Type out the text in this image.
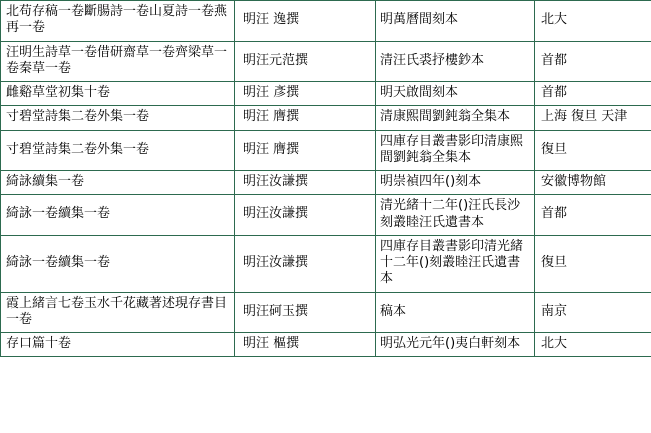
北苟存稿一卷斷腸詩一卷山夏詩一卷燕再一卷	明汪 逸撰	明萬曆間刻本	北大
汪明生詩草一卷借研齋草一卷齊梁草一卷秦草一卷	明汪元范撰	清汪氏裘抒樓鈔本	首都
雌谿草堂初集十卷	明汪 彥撰	明天啟間刻本	首都
寸碧堂詩集二卷外集一卷	明汪 膺撰	清康熙間劉鈍翁全集本	上海 復旦 天津
寸碧堂詩集二卷外集一卷	明汪 膺撰	四庫存目叢書影印清康熙間劉鈍翁全集本	復旦
綺詠續集一卷	明汪汝謙撰	明崇禎四年()刻本	安徽博物館
綺詠一卷續集一卷	明汪汝謙撰	清光緒十二年()汪氏長沙刻叢睦汪氏遺書本	首都
綺詠一卷續集一卷	明汪汝謙撰	四庫存目叢書影印清光緒十二年()刻叢睦汪氏遺書本	復旦
霞上緒言七卷玉水千花藏著述現存書目一卷	明汪砢玉撰	稿本	南京
存口篇十卷	明汪 樞撰	明弘光元年()夷白軒刻本	北大
